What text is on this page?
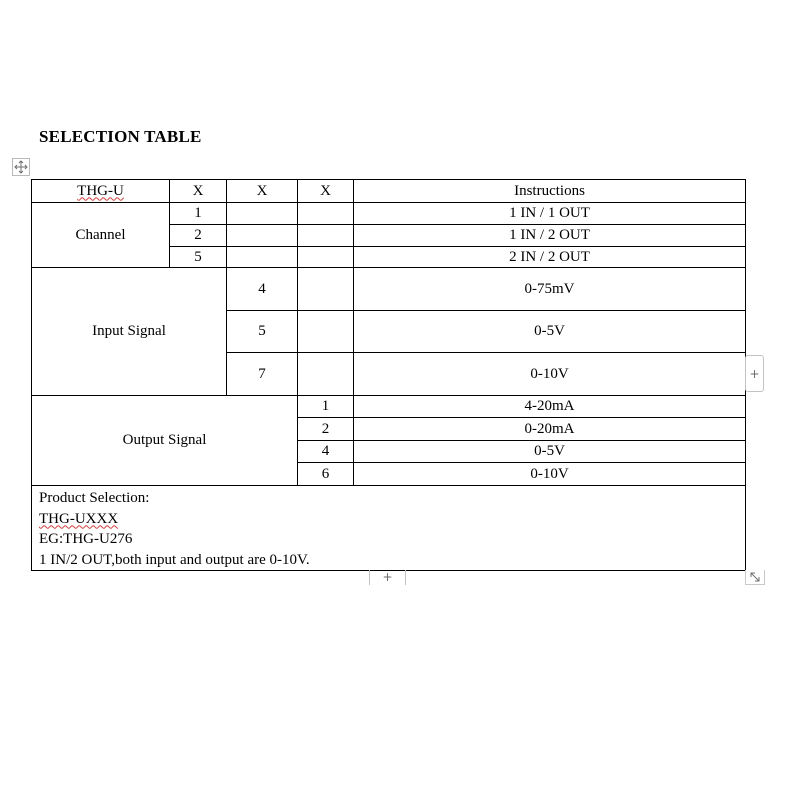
SELECTION TABLE
THG-U	X	X	X	Instructions
Channel	1			1 IN / 1 OUT
	2			1 IN / 2 OUT
	5			2 IN / 2 OUT
Input Signal		4		0-75mV
		5		0-5V
		7		0-10V
Output Signal			1	4-20mA
			2	0-20mA
			4	0-5V
			6	0-10V

Product Selection:
THG-UXXX
EG:THG-U276
1 IN/2 OUT,both input and output are 0-10V.				
+
+
